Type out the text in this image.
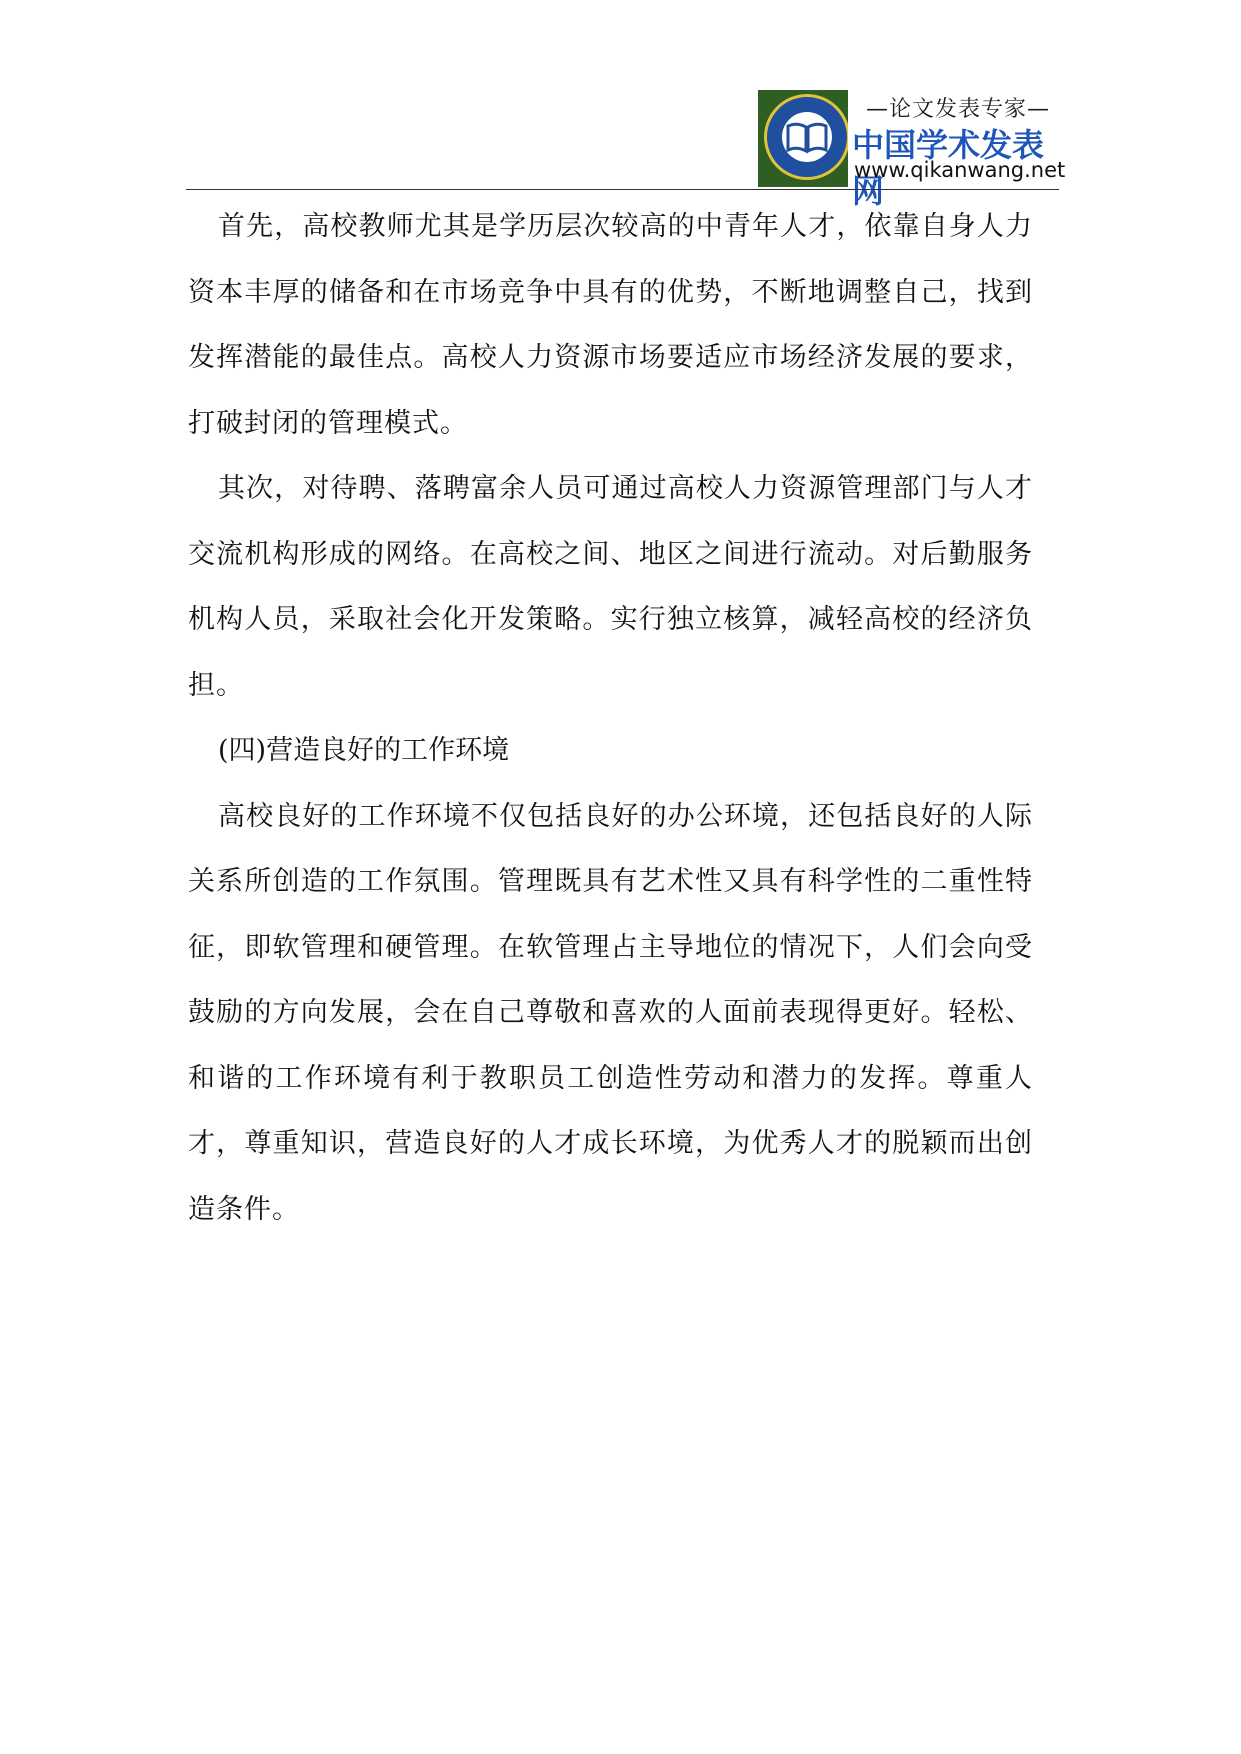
—论文发表专家—
中国学术发表网
www.qikanwang.net

首先，高校教师尤其是学历层次较高的中青年人才，依靠自身人力资本丰厚的储备和在市场竞争中具有的优势，不断地调整自己，找到发挥潜能的最佳点。高校人力资源市场要适应市场经济发展的要求，打破封闭的管理模式。

其次，对待聘、落聘富余人员可通过高校人力资源管理部门与人才交流机构形成的网络。在高校之间、地区之间进行流动。对后勤服务机构人员，采取社会化开发策略。实行独立核算，减轻高校的经济负担。

(四)营造良好的工作环境

高校良好的工作环境不仅包括良好的办公环境，还包括良好的人际关系所创造的工作氛围。管理既具有艺术性又具有科学性的二重性特征，即软管理和硬管理。在软管理占主导地位的情况下，人们会向受鼓励的方向发展，会在自己尊敬和喜欢的人面前表现得更好。轻松、和谐的工作环境有利于教职员工创造性劳动和潜力的发挥。尊重人才，尊重知识，营造良好的人才成长环境，为优秀人才的脱颖而出创造条件。
